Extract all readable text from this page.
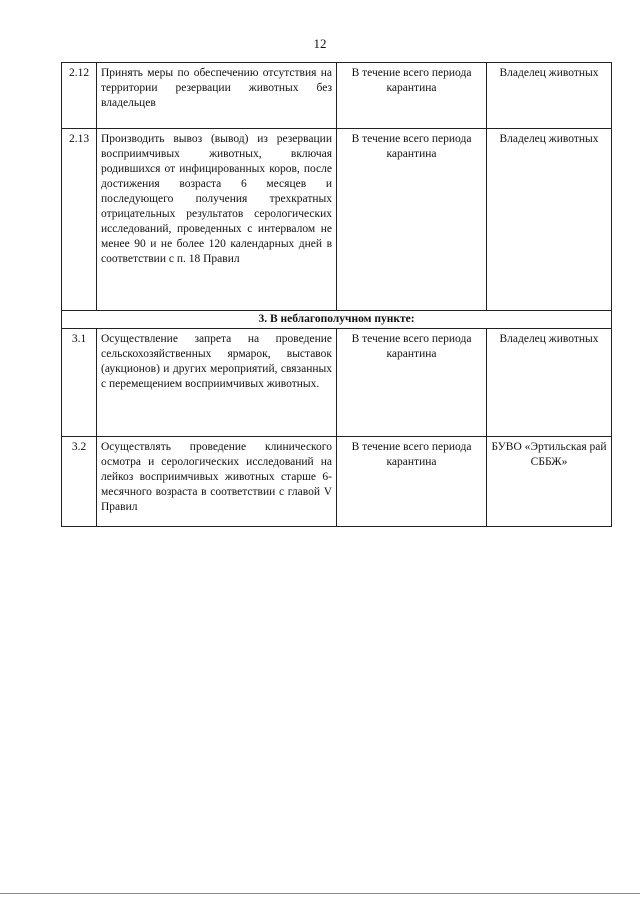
12
2.12	Принять меры по обеспечению отсутствия на территории резервации животных без владельцев	В течение всего периода карантина	Владелец животных
2.13	Производить вывоз (вывод) из резервации восприимчивых животных, включая родившихся от инфицированных коров, после достижения возраста 6 месяцев и последующего получения трехкратных отрицательных результатов серологических исследований, проведенных с интервалом не менее 90 и не более 120 календарных дней в соответствии с п. 18 Правил	В течение всего периода карантина	Владелец животных
3. В неблагополучном пункте:			
3.1	Осуществление запрета на проведение сельскохозяйственных ярмарок, выставок (аукционов) и других мероприятий, связанных с перемещением восприимчивых животных.	В течение всего периода карантина	Владелец животных
3.2	Осуществлять проведение клинического осмотра и серологических исследований на лейкоз восприимчивых животных старше 6-месячного возраста в соответствии с главой V Правил	В течение всего периода карантина	БУВО «Эртильская рай СББЖ»
